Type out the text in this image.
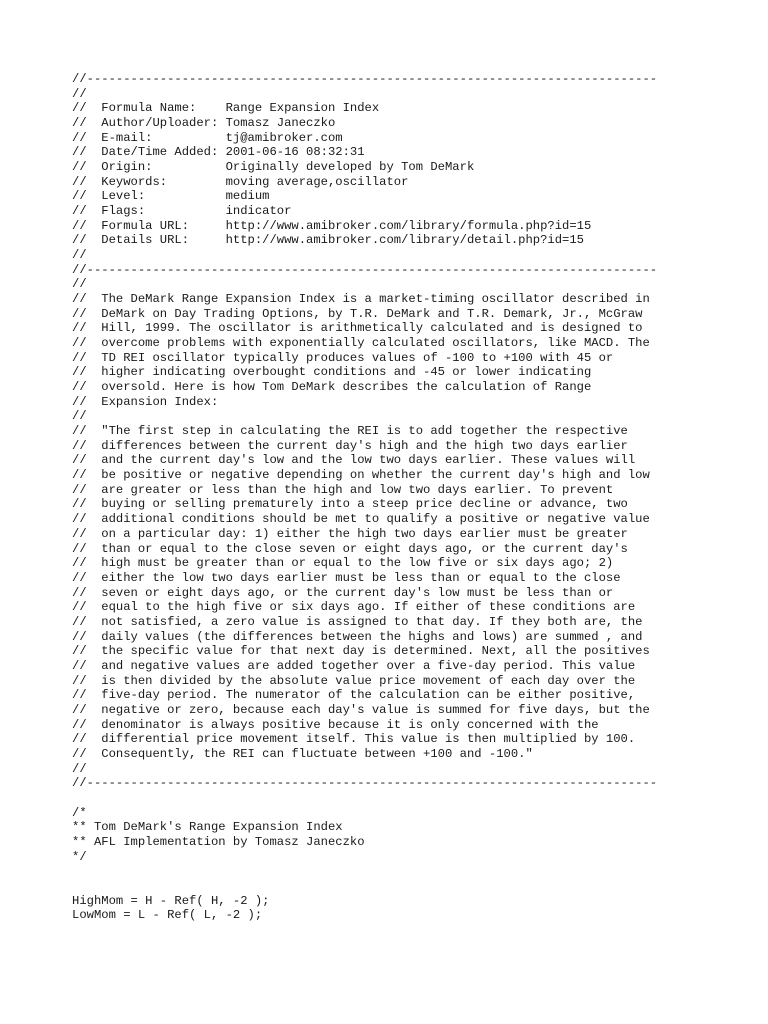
//------------------------------------------------------------------------------
//
//  Formula Name:    Range Expansion Index
//  Author/Uploader: Tomasz Janeczko
//  E-mail:          tj@amibroker.com
//  Date/Time Added: 2001-06-16 08:32:31
//  Origin:          Originally developed by Tom DeMark
//  Keywords:        moving average,oscillator
//  Level:           medium
//  Flags:           indicator
//  Formula URL:     http://www.amibroker.com/library/formula.php?id=15
//  Details URL:     http://www.amibroker.com/library/detail.php?id=15
//
//------------------------------------------------------------------------------
//
//  The DeMark Range Expansion Index is a market-timing oscillator described in
//  DeMark on Day Trading Options, by T.R. DeMark and T.R. Demark, Jr., McGraw
//  Hill, 1999. The oscillator is arithmetically calculated and is designed to
//  overcome problems with exponentially calculated oscillators, like MACD. The
//  TD REI oscillator typically produces values of -100 to +100 with 45 or
//  higher indicating overbought conditions and -45 or lower indicating
//  oversold. Here is how Tom DeMark describes the calculation of Range
//  Expansion Index:
//
//  "The first step in calculating the REI is to add together the respective
//  differences between the current day's high and the high two days earlier
//  and the current day's low and the low two days earlier. These values will
//  be positive or negative depending on whether the current day's high and low
//  are greater or less than the high and low two days earlier. To prevent
//  buying or selling prematurely into a steep price decline or advance, two
//  additional conditions should be met to qualify a positive or negative value
//  on a particular day: 1) either the high two days earlier must be greater
//  than or equal to the close seven or eight days ago, or the current day's
//  high must be greater than or equal to the low five or six days ago; 2)
//  either the low two days earlier must be less than or equal to the close
//  seven or eight days ago, or the current day's low must be less than or
//  equal to the high five or six days ago. If either of these conditions are
//  not satisfied, a zero value is assigned to that day. If they both are, the
//  daily values (the differences between the highs and lows) are summed , and
//  the specific value for that next day is determined. Next, all the positives
//  and negative values are added together over a five-day period. This value
//  is then divided by the absolute value price movement of each day over the
//  five-day period. The numerator of the calculation can be either positive,
//  negative or zero, because each day's value is summed for five days, but the
//  denominator is always positive because it is only concerned with the
//  differential price movement itself. This value is then multiplied by 100.
//  Consequently, the REI can fluctuate between +100 and -100."
//
//------------------------------------------------------------------------------
/*
** Tom DeMark's Range Expansion Index
** AFL Implementation by Tomasz Janeczko
*/
HighMom = H - Ref( H, -2 );
LowMom = L - Ref( L, -2 );
